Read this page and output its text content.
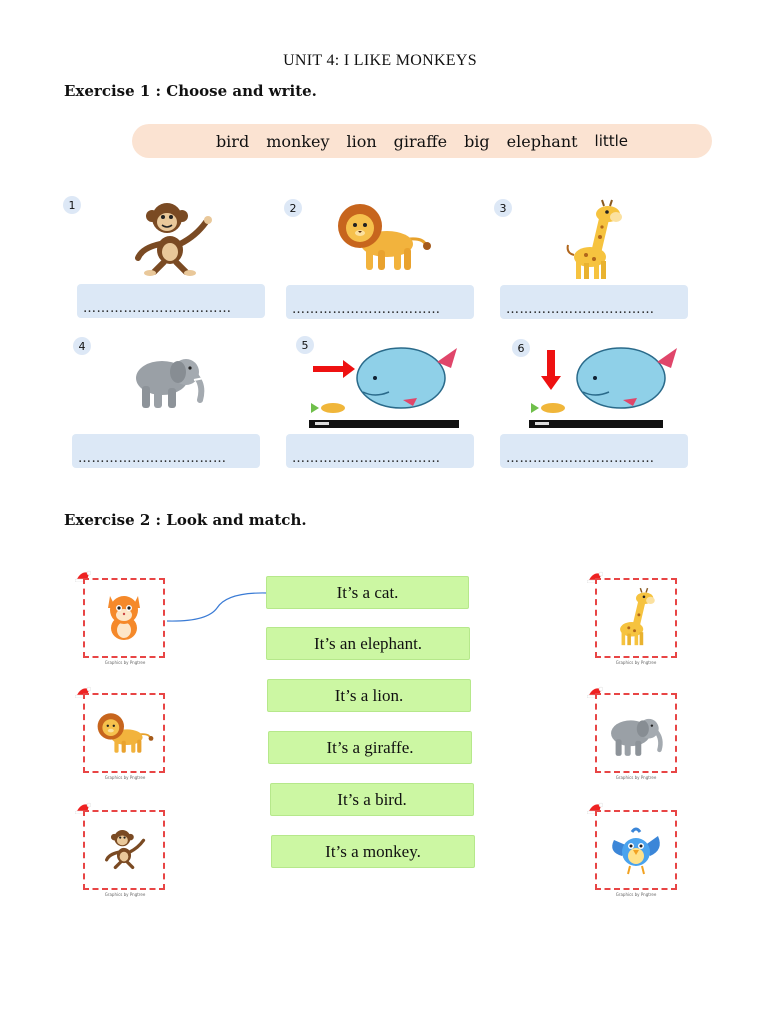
UNIT 4: I LIKE MONKEYS
Exercise 1 : Choose and write.
bird monkey lion giraffe big elephant little
1	2	3
4	5	6
……………………………	……………………………	……………………………
……………………………	……………………………	……………………………
Exercise 2 : Look and match.
It’s a cat.
It’s an elephant.
It’s a lion.
It’s a giraffe.
It’s a bird.
It’s a monkey.
Graphics by Pngtree
Graphics by Pngtree
Graphics by Pngtree
Graphics by Pngtree
Graphics by Pngtree
Graphics by Pngtree
